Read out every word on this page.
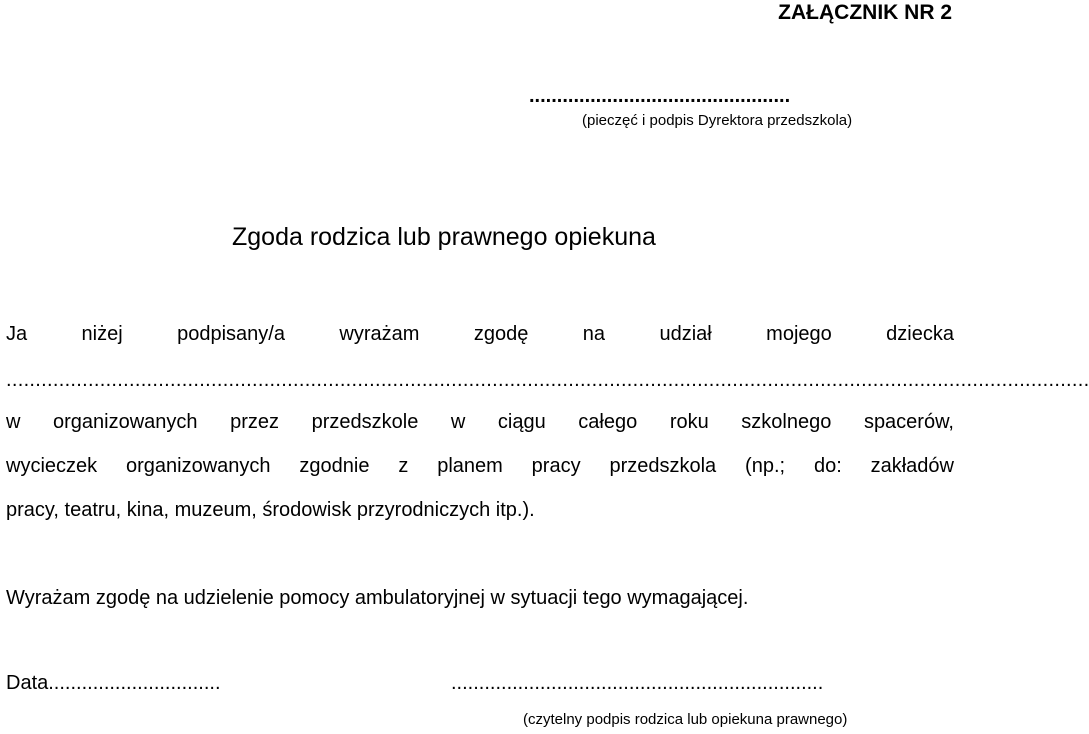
ZAŁĄCZNIK NR 2
...............................................
(pieczęć i podpis Dyrektora przedszkola)
Zgoda rodzica lub prawnego opiekuna
Ja niżej podpisany/a wyrażam zgodę na udział mojego dziecka
.........................................................................................................................................................................................
w organizowanych przez przedszkole w ciągu całego roku szkolnego spacerów,
wycieczek organizowanych zgodnie z planem pracy przedszkola (np.; do: zakładów
pracy, teatru, kina, muzeum, środowisk przyrodniczych itp.).
Wyrażam zgodę na udzielenie pomocy ambulatoryjnej w sytuacji tego wymagającej.
Data...............................	...................................................................
(czytelny podpis rodzica lub opiekuna prawnego)
